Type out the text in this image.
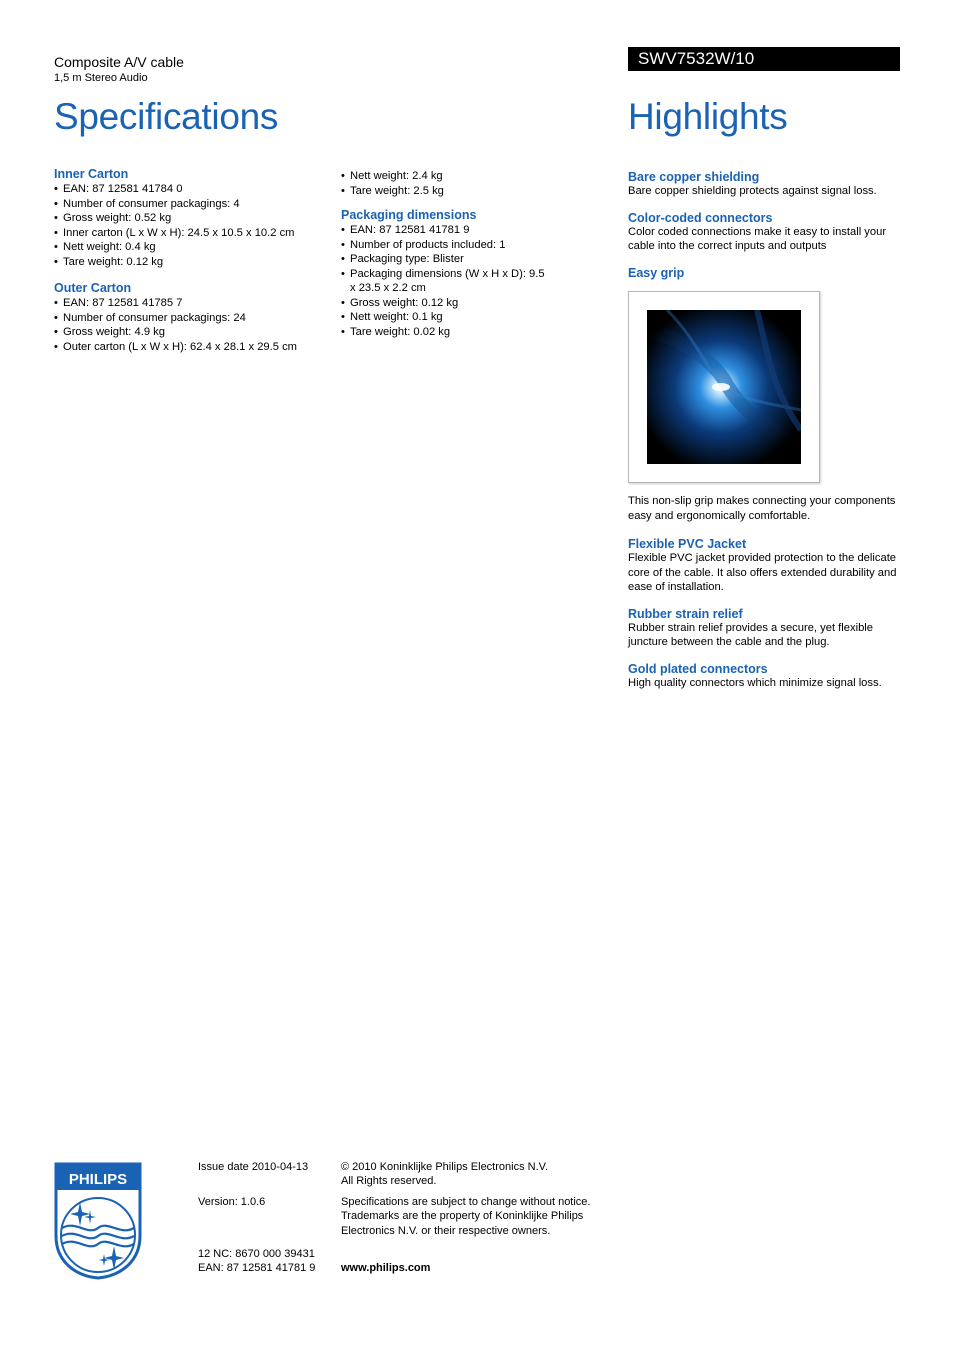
Composite A/V cable
1,5 m Stereo Audio
Specifications
SWV7532W/10
Highlights
Inner Carton
• EAN: 87 12581 41784 0
• Number of consumer packagings: 4
• Gross weight: 0.52 kg
• Inner carton (L x W x H): 24.5 x 10.5 x 10.2 cm
• Nett weight: 0.4 kg
• Tare weight: 0.12 kg
Outer Carton
• EAN: 87 12581 41785 7
• Number of consumer packagings: 24
• Gross weight: 4.9 kg
• Outer carton (L x W x H): 62.4 x 28.1 x 29.5 cm
• Nett weight: 2.4 kg
• Tare weight: 2.5 kg
Packaging dimensions
• EAN: 87 12581 41781 9
• Number of products included: 1
• Packaging type: Blister
• Packaging dimensions (W x H x D): 9.5 x 23.5 x 2.2 cm
• Gross weight: 0.12 kg
• Nett weight: 0.1 kg
• Tare weight: 0.02 kg
Bare copper shielding
Bare copper shielding protects against signal loss.
Color-coded connectors
Color coded connections make it easy to install your cable into the correct inputs and outputs
Easy grip
This non-slip grip makes connecting your components easy and ergonomically comfortable.
Flexible PVC Jacket
Flexible PVC jacket provided protection to the delicate core of the cable. It also offers extended durability and ease of installation.
Rubber strain relief
Rubber strain relief provides a secure, yet flexible juncture between the cable and the plug.
Gold plated connectors
High quality connectors which minimize signal loss.
PHILIPS
Issue date 2010-04-13
Version: 1.0.6
12 NC: 8670 000 39431
EAN: 87 12581 41781 9
© 2010 Koninklijke Philips Electronics N.V.
All Rights reserved.
Specifications are subject to change without notice.
Trademarks are the property of Koninklijke Philips
Electronics N.V. or their respective owners.
www.philips.com
